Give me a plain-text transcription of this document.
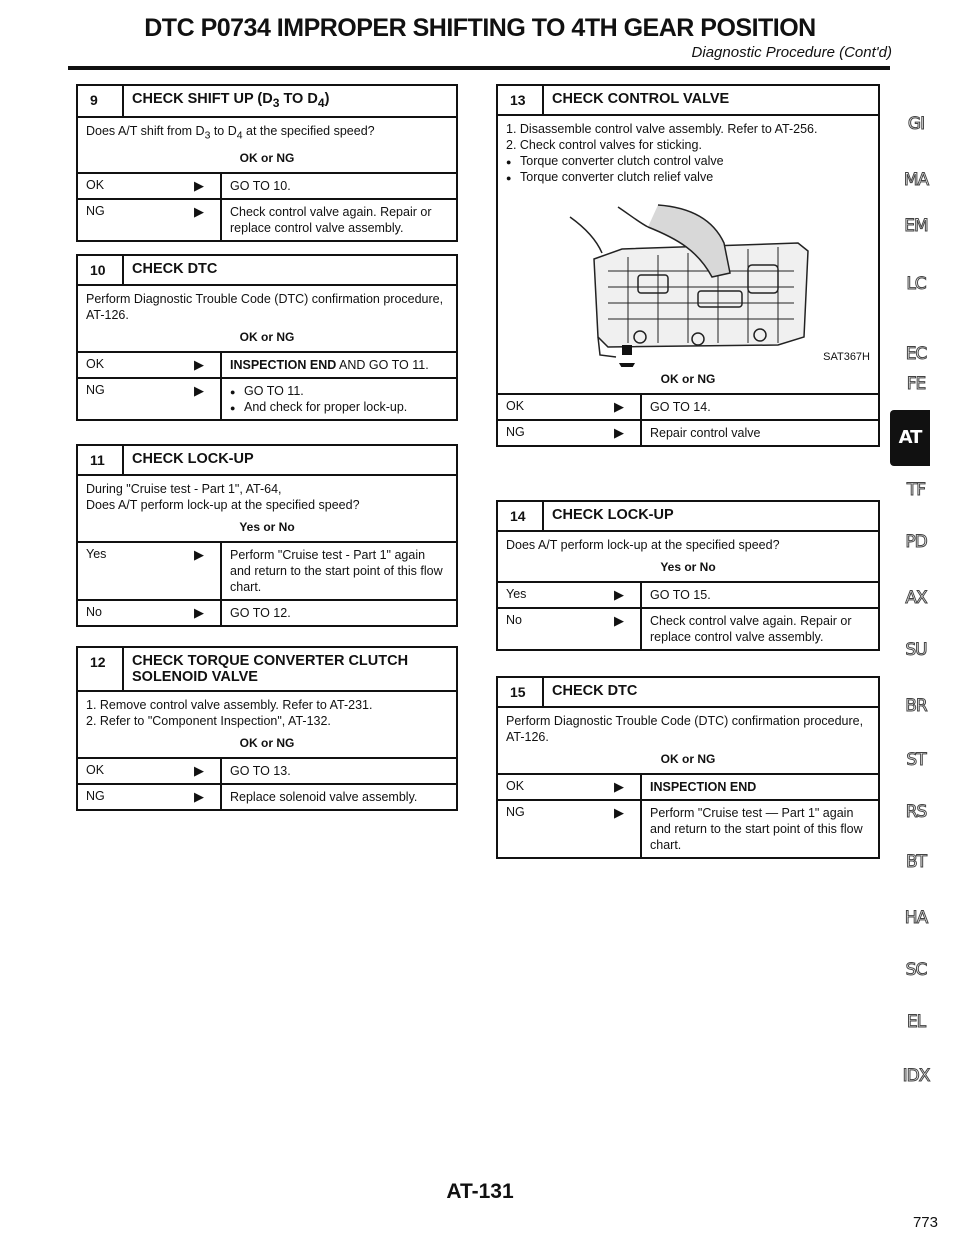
DTC P0734 IMPROPER SHIFTING TO 4TH GEAR POSITION
Diagnostic Procedure (Cont'd)
9	CHECK SHIFT UP ($D_3$ TO $D_4$)
Does A/T shift from $D_3$ to $D_4$ at the specified speed?
OK or NG
OK	▶	GO TO 10.
NG	▶	Check control valve again. Repair or replace control valve assembly.
10	CHECK DTC
Perform Diagnostic Trouble Code (DTC) confirmation procedure, AT-126.
OK or NG
OK	▶	INSPECTION END AND GO TO 11.
NG	▶
●	GO TO 11.
● And check for proper lock-up.
11	CHECK LOCK-UP
During "Cruise test - Part 1", AT-64,
Does A/T perform lock-up at the specified speed?
Yes or No
Yes	▶	Perform "Cruise test - Part 1" again and return to the start point of this flow chart.
No	▶	GO TO 12.
12	CHECK TORQUE CONVERTER CLUTCH SOLENOID VALVE
1. Remove control valve assembly. Refer to AT-231.
2. Refer to "Component Inspection", AT-132.
OK or NG
OK	▶	GO TO 13.
NG	▶	Replace solenoid valve assembly.
13	CHECK CONTROL VALVE
1. Disassemble control valve assembly. Refer to AT-256.
2. Check control valves for sticking.
● Torque converter clutch control valve
● Torque converter clutch relief valve
SAT367H
OK or NG
OK	▶	GO TO 14.
NG	▶	Repair control valve
14	CHECK LOCK-UP
Does A/T perform lock-up at the specified speed?
Yes or No
Yes	▶	GO TO 15.
No	▶	Check control valve again. Repair or replace control valve assembly.
15	CHECK DTC
Perform Diagnostic Trouble Code (DTC) confirmation procedure, AT-126.
OK or NG
OK	▶	INSPECTION END
NG	▶	Perform "Cruise test — Part 1" again and return to the start point of this flow chart.
GI
MA
EM
LC
EC
FE
AT
TF
PD
AX
SU
BR
ST
RS
BT
HA
SC
EL
IDX
AT-131
773
